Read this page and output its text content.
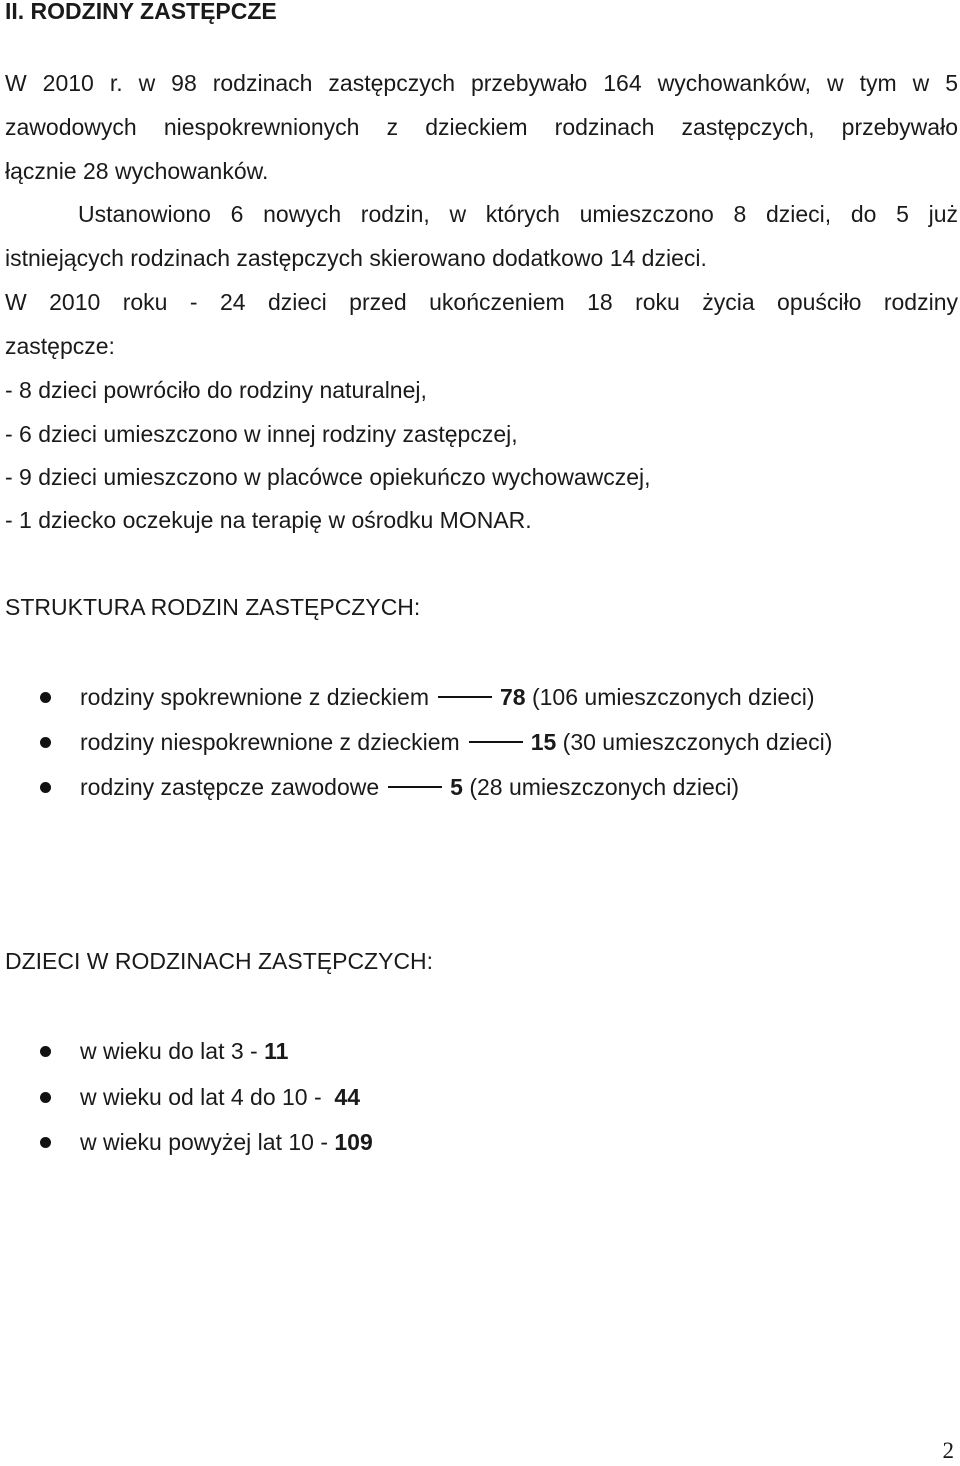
II. RODZINY ZASTĘPCZE
W 2010 r. w 98 rodzinach zastępczych przebywało 164 wychowanków, w tym w 5
zawodowych niespokrewnionych z dzieckiem rodzinach zastępczych, przebywało
łącznie 28 wychowanków.
Ustanowiono 6 nowych rodzin, w których umieszczono 8 dzieci, do 5 już
istniejących rodzinach zastępczych skierowano dodatkowo 14 dzieci.
W 2010 roku - 24 dzieci przed ukończeniem 18 roku życia opuściło rodziny
zastępcze:
- 8 dzieci powróciło do rodziny naturalnej,
- 6 dzieci umieszczono w innej rodziny zastępczej,
- 9 dzieci umieszczono w placówce opiekuńczo wychowawczej,
- 1 dziecko oczekuje na terapię w ośrodku MONAR.
STRUKTURA RODZIN ZASTĘPCZYCH:
rodziny spokrewnione z dzieckiem	78 (106 umieszczonych dzieci)
rodziny niespokrewnione z dzieckiem	15 (30 umieszczonych dzieci)
rodziny zastępcze zawodowe	5 (28 umieszczonych dzieci)
DZIECI W RODZINACH ZASTĘPCZYCH:
w wieku do lat 3 - 11
w wieku od lat 4 do 10 -  44
w wieku powyżej lat 10 - 109
2
